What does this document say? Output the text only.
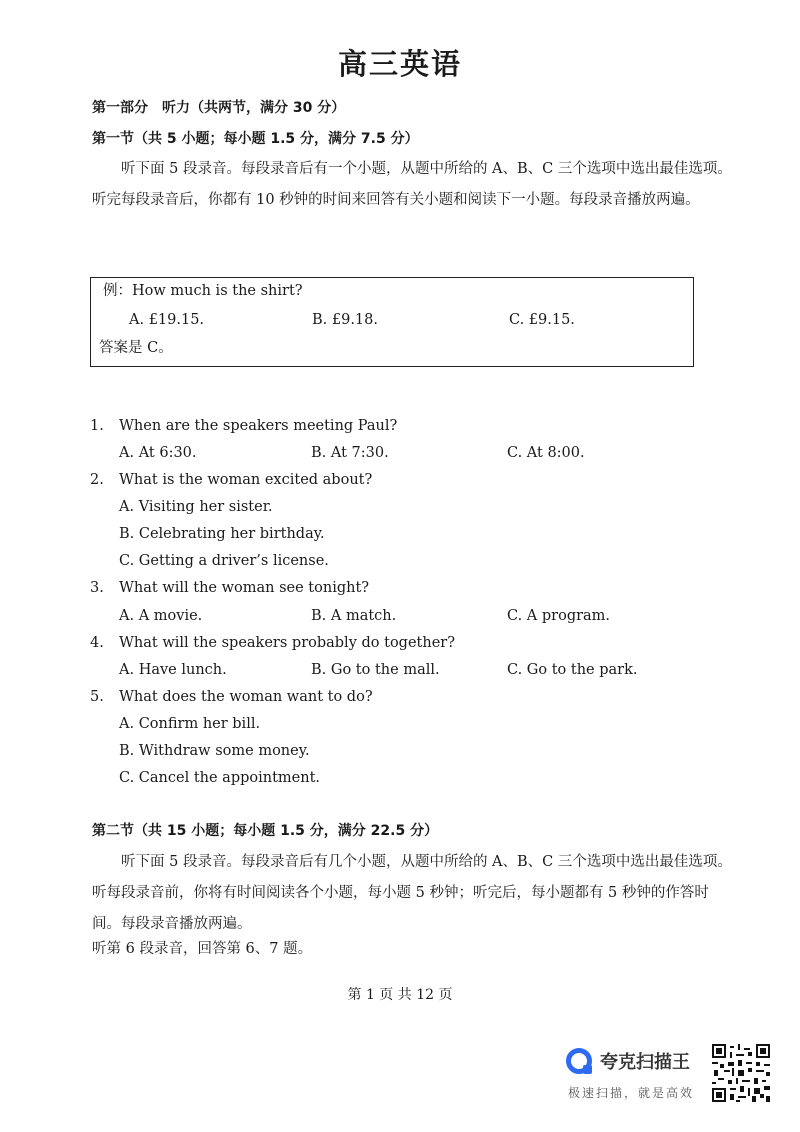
高三英语
第一部分　听力（共两节，满分 30 分）
第一节（共 5 小题；每小题 1.5 分，满分 7.5 分）
听下面 5 段录音。每段录音后有一个小题，从题中所给的 A、B、C 三个选项中选出最佳选项。听完每段录音后，你都有 10 秒钟的时间来回答有关小题和阅读下一小题。每段录音播放两遍。
例：How much is the shirt?
A. £19.15.	B. £9.18.	C. £9.15.
答案是 C。
1. When are the speakers meeting Paul?
A. At 6:30.	B. At 7:30.	C. At 8:00.
2. What is the woman excited about?
A. Visiting her sister.
B. Celebrating her birthday.
C. Getting a driver’s license.
3. What will the woman see tonight?
A. A movie.	B. A match.	C. A program.
4. What will the speakers probably do together?
A. Have lunch.	B. Go to the mall.	C. Go to the park.
5. What does the woman want to do?
A. Confirm her bill.
B. Withdraw some money.
C. Cancel the appointment.
第二节（共 15 小题；每小题 1.5 分，满分 22.5 分）
听下面 5 段录音。每段录音后有几个小题，从题中所给的 A、B、C 三个选项中选出最佳选项。听每段录音前，你将有时间阅读各个小题，每小题 5 秒钟；听完后，每小题都有 5 秒钟的作答时间。每段录音播放两遍。
听第 6 段录音，回答第 6、7 题。
第 1 页 共 12 页
夸克扫描王
极速扫描，就是高效
